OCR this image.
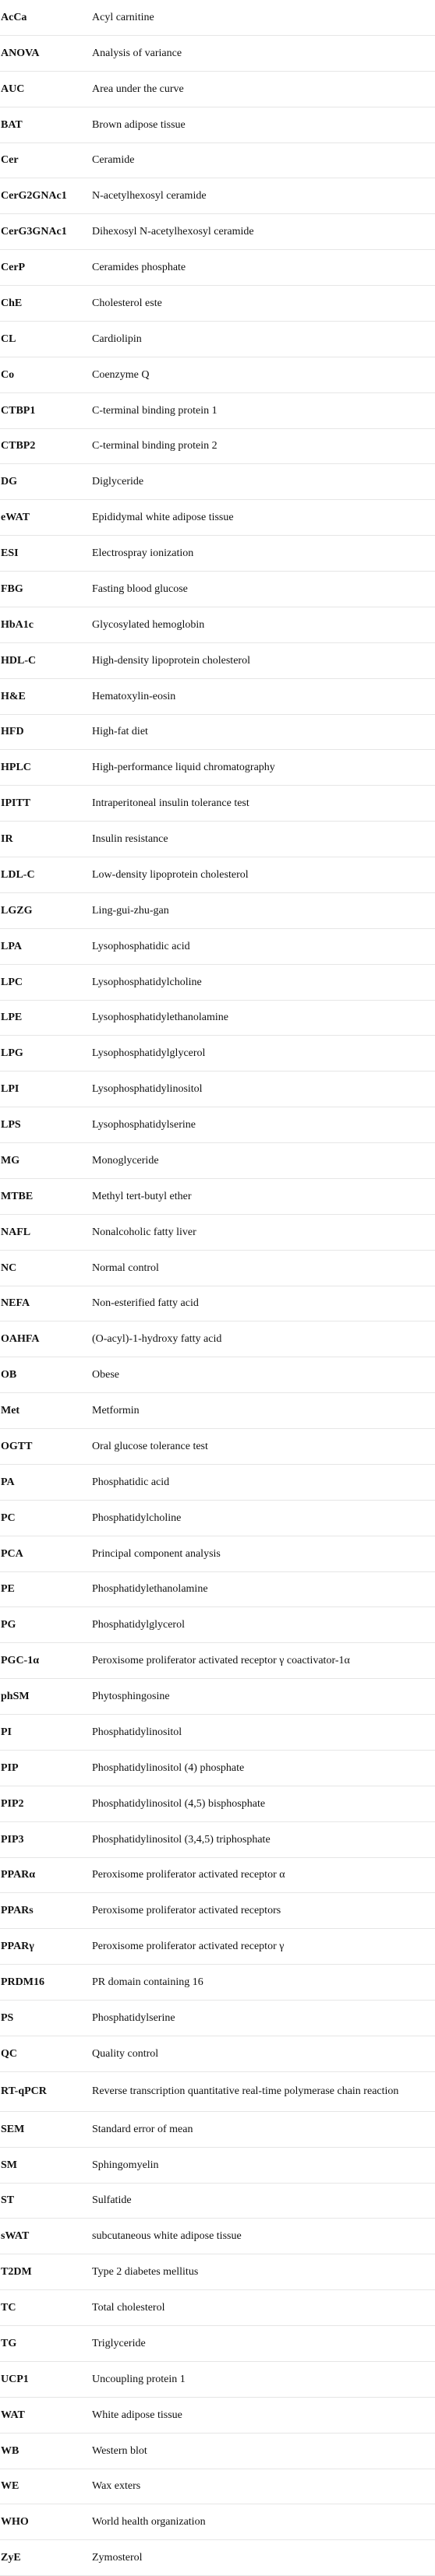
AcCa	Acyl carnitine
ANOVA	Analysis of variance
AUC	Area under the curve
BAT	Brown adipose tissue
Cer	Ceramide
CerG2GNAc1	N-acetylhexosyl ceramide
CerG3GNAc1	Dihexosyl N-acetylhexosyl ceramide
CerP	Ceramides phosphate
ChE	Cholesterol este
CL	Cardiolipin
Co	Coenzyme Q
CTBP1	C-terminal binding protein 1
CTBP2	C-terminal binding protein 2
DG	Diglyceride
eWAT	Epididymal white adipose tissue
ESI	Electrospray ionization
FBG	Fasting blood glucose
HbA1c	Glycosylated hemoglobin
HDL-C	High-density lipoprotein cholesterol
H&E	Hematoxylin-eosin
HFD	High-fat diet
HPLC	High-performance liquid chromatography
IPITT	Intraperitoneal insulin tolerance test
IR	Insulin resistance
LDL-C	Low-density lipoprotein cholesterol
LGZG	Ling-gui-zhu-gan
LPA	Lysophosphatidic acid
LPC	Lysophosphatidylcholine
LPE	Lysophosphatidylethanolamine
LPG	Lysophosphatidylglycerol
LPI	Lysophosphatidylinositol
LPS	Lysophosphatidylserine
MG	Monoglyceride
MTBE	Methyl tert-butyl ether
NAFL	Nonalcoholic fatty liver
NC	Normal control
NEFA	Non-esterified fatty acid
OAHFA	(O-acyl)-1-hydroxy fatty acid
OB	Obese
Met	Metformin
OGTT	Oral glucose tolerance test
PA	Phosphatidic acid
PC	Phosphatidylcholine
PCA	Principal component analysis
PE	Phosphatidylethanolamine
PG	Phosphatidylglycerol
PGC-1α	Peroxisome proliferator activated receptor γ coactivator-1α
phSM	Phytosphingosine
PI	Phosphatidylinositol
PIP	Phosphatidylinositol (4) phosphate
PIP2	Phosphatidylinositol (4,5) bisphosphate
PIP3	Phosphatidylinositol (3,4,5) triphosphate
PPARα	Peroxisome proliferator activated receptor α
PPARs	Peroxisome proliferator activated receptors
PPARγ	Peroxisome proliferator activated receptor γ
PRDM16	PR domain containing 16
PS	Phosphatidylserine
QC	Quality control
RT-qPCR	Reverse transcription quantitative real-time polymerase chain reaction
SEM	Standard error of mean
SM	Sphingomyelin
ST	Sulfatide
sWAT	subcutaneous white adipose tissue
T2DM	Type 2 diabetes mellitus
TC	Total cholesterol
TG	Triglyceride
UCP1	Uncoupling protein 1
WAT	White adipose tissue
WB	Western blot
WE	Wax exters
WHO	World health organization
ZyE	Zymosterol
